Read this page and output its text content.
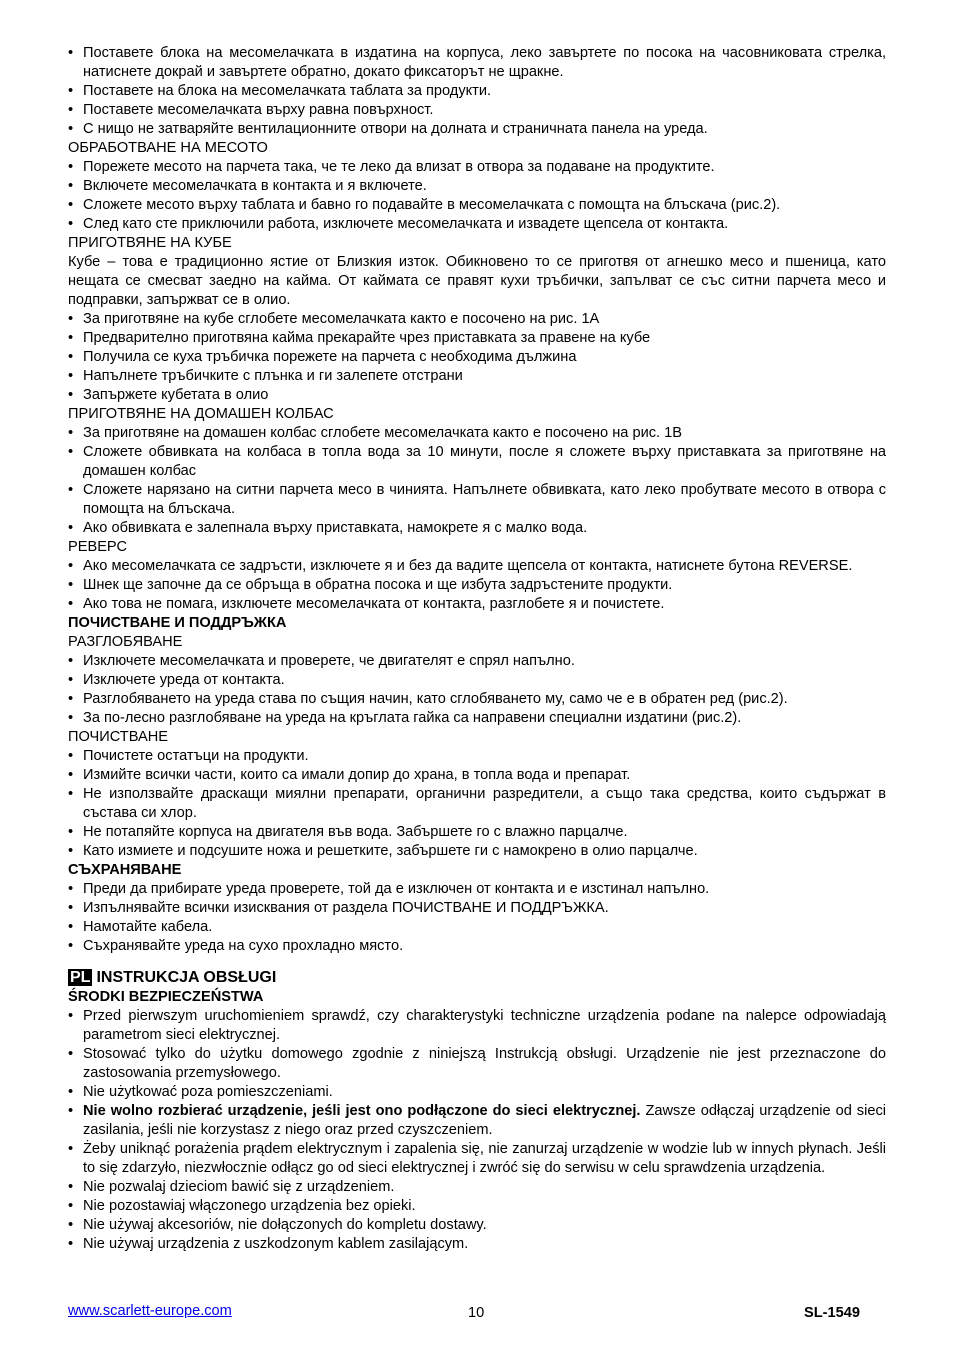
• Поставете блока на месомелачката в издатина на корпуса, леко завъртете по посока на часовниковата стрелка, натиснете докрай и завъртете обратно, докато фиксаторът не щракне.
• Поставете на блока на месомелачката таблата за продукти.
• Поставете месомелачката върху равна повърхност.
• С нищо не затваряйте вентилационните отвори на долната и страничната панела на уреда.
ОБРАБОТВАНЕ НА МЕСОТО
• Порежете месото на парчета така, че те леко да влизат в отвора за подаване на продуктите.
• Включете месомелачката в контакта и я включете.
• Сложете месото върху таблата и бавно го подавайте в месомелачката с помощта на блъскача (рис.2).
• След като сте приключили работа, изключете месомелачката и извадете щепсела от контакта.
ПРИГОТВЯНЕ НА КУБЕ
Кубе – това е традиционно ястие от Близкия изток. Обикновено то се приготвя от агнешко месо и пшеница, като нещата се смесват заедно на кайма. От каймата се правят кухи тръбички, запълват се със ситни парчета месо и подправки, запържват се в олио.
• За приготвяне на кубе сглобете месомелачката както е посочено на рис. 1А
• Предварително приготвяна кайма прекарайте чрез приставката за правене на кубе
• Получила се куха тръбичка порежете на парчета с необходима дължина
• Напълнете тръбичките с плънка и ги залепете отстрани
• Запържете кубетата в олио
ПРИГОТВЯНЕ НА ДОМАШЕН КОЛБАС
• За приготвяне на домашен колбас сглобете месомелачката както е посочено на рис. 1В
• Сложете обвивката на колбаса в топла вода за 10 минути, после я сложете върху приставката за приготвяне на домашен колбас
• Сложете нарязано на ситни парчета месо в чинията. Напълнете обвивката, като леко пробутвате месото в отвора с помощта на блъскача.
• Ако обвивката е залепнала върху приставката, намокрете я с малко вода.
РЕВЕРС
• Ако месомелачката се задръсти, изключете я и без да вадите щепсела от контакта, натиснете бутона REVERSE.
• Шнек ще започне да се обръща в обратна посока и ще избута задръстените продукти.
• Ако това не помага, изключете месомелачката от контакта, разглобете я и почистете.
ПОЧИСТВАНЕ И ПОДДРЪЖКА
РАЗГЛОБЯВАНЕ
• Изключете месомелачката и проверете, че двигателят е спрял напълно.
• Изключете уреда от контакта.
• Разглобяването на уреда става по същия начин, като сглобяването му, само че е в обратен ред (рис.2).
• За по-лесно разглобяване на уреда на кръглата гайка са направени специални издатини (рис.2).
ПОЧИСТВАНЕ
• Почистете остатъци на продукти.
• Измийте всички части, които са имали допир до храна, в топла вода и препарат.
• Не използвайте драскащи миялни препарати, органични разредители, а също така средства, които съдържат в състава си хлор.
• Не потапяйте корпуса на двигателя във вода. Забършете го с влажно парцалче.
• Като измиете и подсушите ножа и решетките, забършете ги с намокрено в олио парцалче.
СЪХРАНЯВАНЕ
• Преди да прибирате уреда проверете, той да е изключен от контакта и е изстинал напълно.
• Изпълнявайте всички изисквания от раздела ПОЧИСТВАНЕ И ПОДДРЪЖКА.
• Намотайте кабела.
• Съхранявайте уреда на сухо прохладно място.
PL INSTRUKCJA OBSŁUGI
ŚRODKI BEZPIECZEŃSTWA
• Przed pierwszym uruchomieniem sprawdź, czy charakterystyki techniczne urządzenia podane na nalepce odpowiadają parametrom sieci elektrycznej.
• Stosować tylko do użytku domowego zgodnie z niniejszą Instrukcją obsługi. Urządzenie nie jest przeznaczone do zastosowania przemysłowego.
• Nie użytkować poza pomieszczeniami.
• Nie wolno rozbierać urządzenie, jeśli jest ono podłączone do sieci elektrycznej. Zawsze odłączaj urządzenie od sieci zasilania, jeśli nie korzystasz z niego oraz przed czyszczeniem.
• Żeby uniknąć porażenia prądem elektrycznym i zapalenia się, nie zanurzaj urządzenie w wodzie lub w innych płynach. Jeśli to się zdarzyło, niezwłocznie odłącz go od sieci elektrycznej i zwróć się do serwisu w celu sprawdzenia urządzenia.
• Nie pozwalaj dzieciom bawić się z urządzeniem.
• Nie pozostawiaj włączonego urządzenia bez opieki.
• Nie używaj akcesoriów, nie dołączonych do kompletu dostawy.
• Nie używaj urządzenia z uszkodzonym kablem zasilającym.
www.scarlett-europe.com	10	SL-1549
